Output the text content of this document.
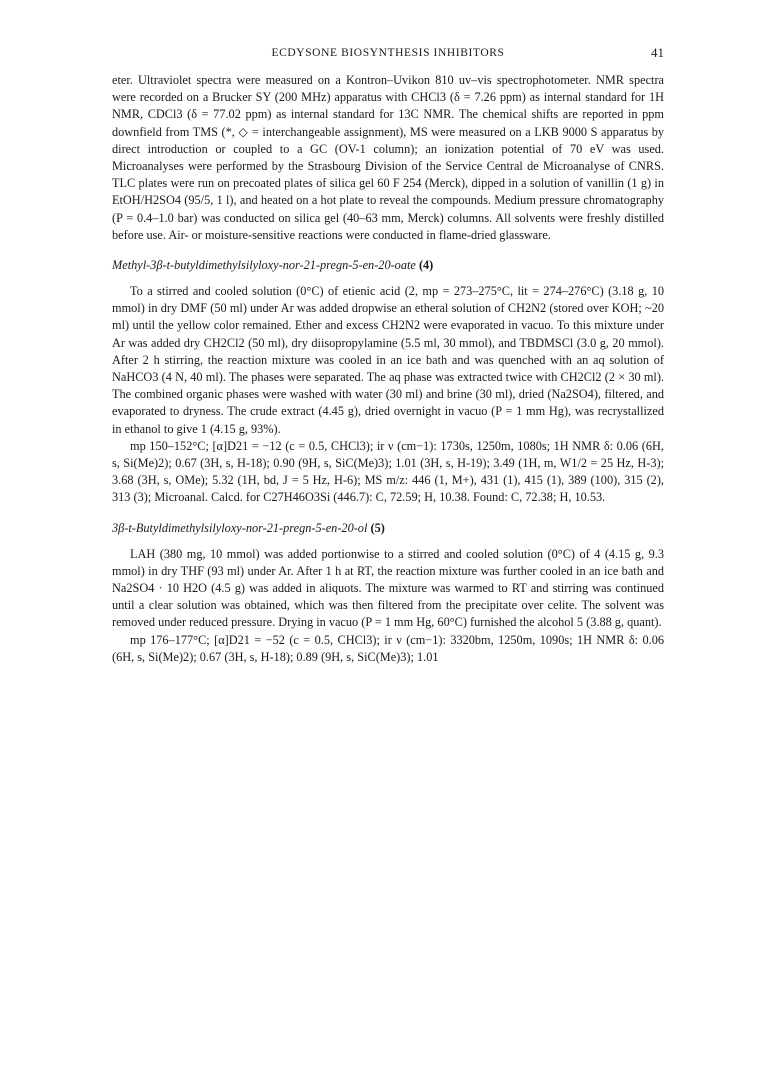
ECDYSONE BIOSYNTHESIS INHIBITORS	41

eter. Ultraviolet spectra were measured on a Kontron–Uvikon 810 uv–vis spectrophotometer. NMR spectra were recorded on a Brucker SY (200 MHz) apparatus with CHCl3 (δ = 7.26 ppm) as internal standard for 1H NMR, CDCl3 (δ = 77.02 ppm) as internal standard for 13C NMR. The chemical shifts are reported in ppm downfield from TMS (*, ◇ = interchangeable assignment), MS were measured on a LKB 9000 S apparatus by direct introduction or coupled to a GC (OV-1 column); an ionization potential of 70 eV was used. Microanalyses were performed by the Strasbourg Division of the Service Central de Microanalyse of CNRS. TLC plates were run on precoated plates of silica gel 60 F 254 (Merck), dipped in a solution of vanillin (1 g) in EtOH/H2SO4 (95/5, 1 l), and heated on a hot plate to reveal the compounds. Medium pressure chromatography (P = 0.4–1.0 bar) was conducted on silica gel (40–63 mm, Merck) columns. All solvents were freshly distilled before use. Air- or moisture-sensitive reactions were conducted in flame-dried glassware.

Methyl-3β-t-butyldimethylsilyloxy-nor-21-pregn-5-en-20-oate (4)

To a stirred and cooled solution (0°C) of etienic acid (2, mp = 273–275°C, lit = 274–276°C) (3.18 g, 10 mmol) in dry DMF (50 ml) under Ar was added dropwise an etheral solution of CH2N2 (stored over KOH; ~20 ml) until the yellow color remained. Ether and excess CH2N2 were evaporated in vacuo. To this mixture under Ar was added dry CH2Cl2 (50 ml), dry diisopropylamine (5.5 ml, 30 mmol), and TBDMSCl (3.0 g, 20 mmol). After 2 h stirring, the reaction mixture was cooled in an ice bath and was quenched with an aq solution of NaHCO3 (4 N, 40 ml). The phases were separated. The aq phase was extracted twice with CH2Cl2 (2 × 30 ml). The combined organic phases were washed with water (30 ml) and brine (30 ml), dried (Na2SO4), filtered, and evaporated to dryness. The crude extract (4.45 g), dried overnight in vacuo (P = 1 mm Hg), was recrystallized in ethanol to give 1 (4.15 g, 93%).

mp 150–152°C; [α]D21 = −12 (c = 0.5, CHCl3); ir ν (cm−1): 1730s, 1250m, 1080s; 1H NMR δ: 0.06 (6H, s, Si(Me)2); 0.67 (3H, s, H-18); 0.90 (9H, s, SiC(Me)3); 1.01 (3H, s, H-19); 3.49 (1H, m, W1/2 = 25 Hz, H-3); 3.68 (3H, s, OMe); 5.32 (1H, bd, J = 5 Hz, H-6); MS m/z: 446 (1, M+), 431 (1), 415 (1), 389 (100), 315 (2), 313 (3); Microanal. Calcd. for C27H46O3Si (446.7): C, 72.59; H, 10.38. Found: C, 72.38; H, 10.53.

3β-t-Butyldimethylsilyloxy-nor-21-pregn-5-en-20-ol (5)

LAH (380 mg, 10 mmol) was added portionwise to a stirred and cooled solution (0°C) of 4 (4.15 g, 9.3 mmol) in dry THF (93 ml) under Ar. After 1 h at RT, the reaction mixture was further cooled in an ice bath and Na2SO4 · 10 H2O (4.5 g) was added in aliquots. The mixture was warmed to RT and stirring was continued until a clear solution was obtained, which was then filtered from the precipitate over celite. The solvent was removed under reduced pressure. Drying in vacuo (P = 1 mm Hg, 60°C) furnished the alcohol 5 (3.88 g, quant).

mp 176–177°C; [α]D21 = −52 (c = 0.5, CHCl3); ir ν (cm−1): 3320bm, 1250m, 1090s; 1H NMR δ: 0.06 (6H, s, Si(Me)2); 0.67 (3H, s, H-18); 0.89 (9H, s, SiC(Me)3); 1.01
